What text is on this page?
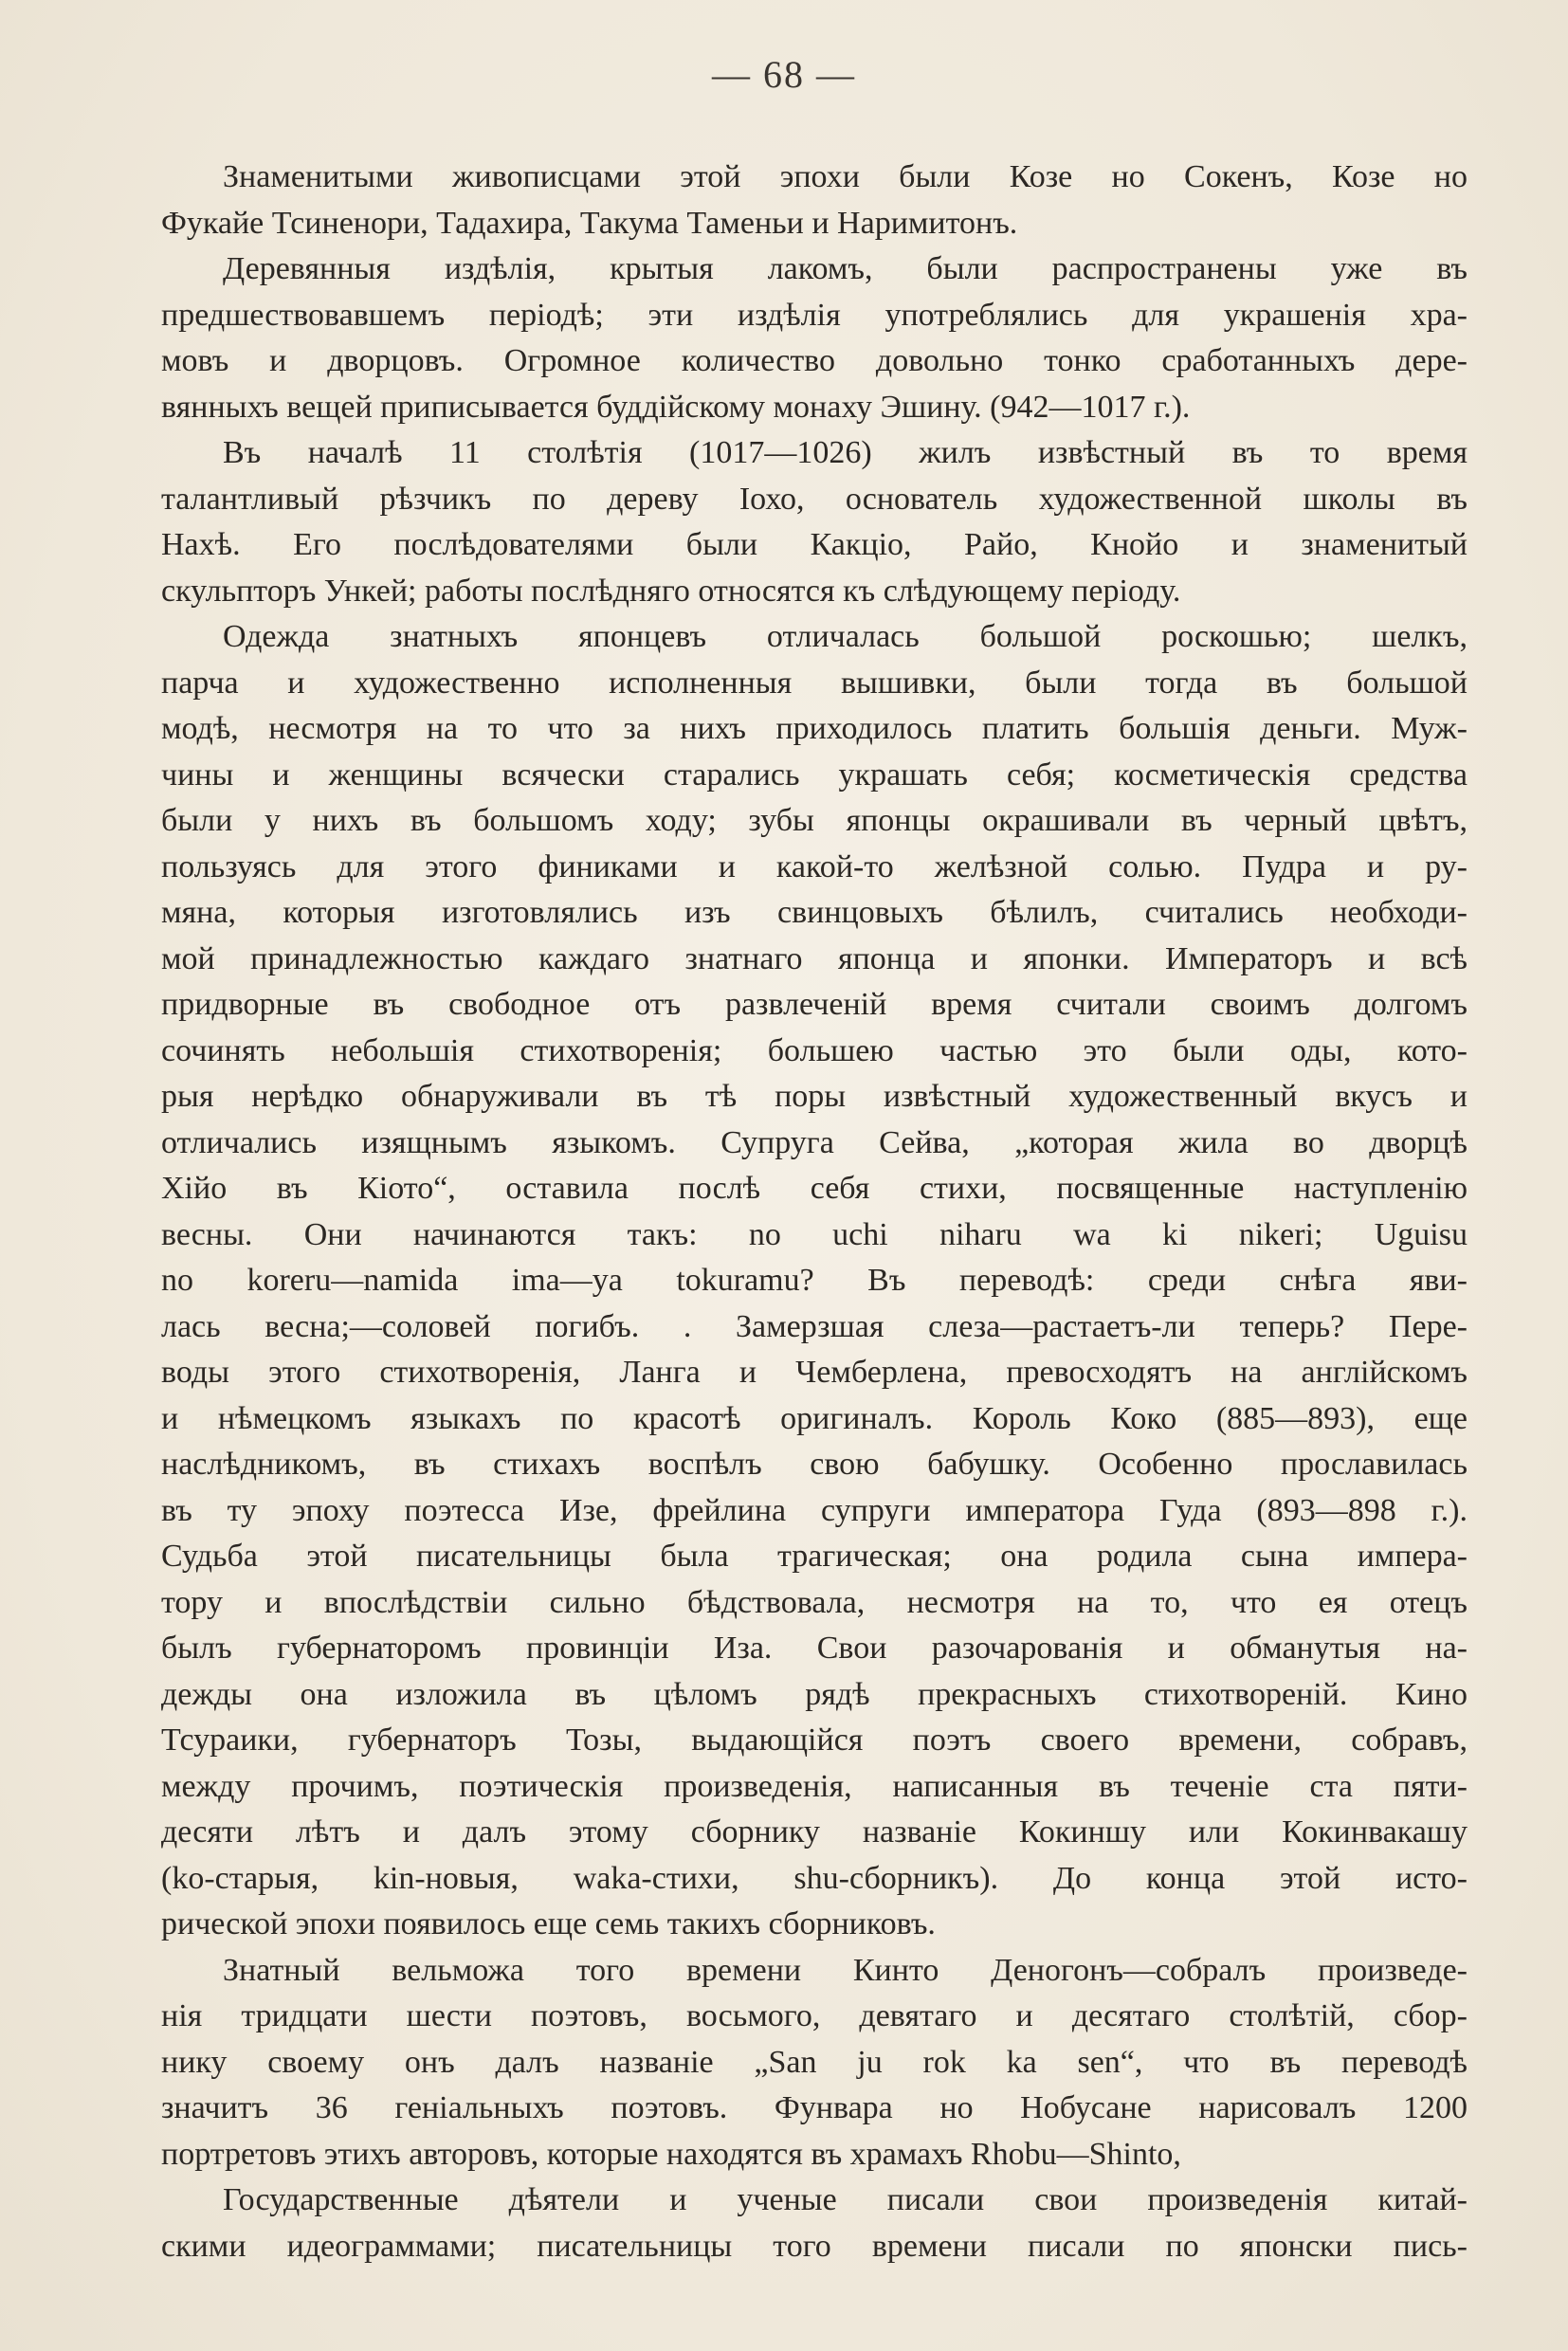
— 68 —
Знаменитыми живописцами этой эпохи были Козе но Сокенъ, Козе но
Фукайе Тсиненори, Тадахира, Такума Таменьи и Наримитонъ.
Деревянныя издѣлія, крытыя лакомъ, были распространены уже въ
предшествовавшемъ періодѣ; эти издѣлія употреблялись для украшенія хра-
мовъ и дворцовъ. Огромное количество довольно тонко сработанныхъ дере-
вянныхъ вещей приписывается буддійскому монаху Эшину. (942—1017 г.).
Въ началѣ 11 столѣтія (1017—1026) жилъ извѣстный въ то время
талантливый рѣзчикъ по дереву Іохо, основатель художественной школы въ
Нахѣ. Его послѣдователями были Какціо, Райо, Кнойо и знаменитый
скульпторъ Ункей; работы послѣдняго относятся къ слѣдующему періоду.
Одежда знатныхъ японцевъ отличалась большой роскошью; шелкъ,
парча и художественно исполненныя вышивки, были тогда въ большой
модѣ, несмотря на то что за нихъ приходилось платить большія деньги. Муж-
чины и женщины всячески старались украшать себя; косметическія средства
были у нихъ въ большомъ ходу; зубы японцы окрашивали въ черный цвѣтъ,
пользуясь для этого финиками и какой-то желѣзной солью. Пудра и ру-
мяна, которыя изготовлялись изъ свинцовыхъ бѣлилъ, считались необходи-
мой принадлежностью каждаго знатнаго японца и японки. Императоръ и всѣ
придворные въ свободное отъ развлеченій время считали своимъ долгомъ
сочинять небольшія стихотворенія; большею частью это были оды, кото-
рыя нерѣдко обнаруживали въ тѣ поры извѣстный художественный вкусъ и
отличались изящнымъ языкомъ. Супруга Сейва, „которая жила во дворцѣ
Хійо въ Кіото“, оставила послѣ себя стихи, посвященные наступленію
весны. Они начинаются такъ: no uchi nihаru wa ki nikeri; Uguisu
no koreru—namida ima—ya tokuramu? Въ переводѣ: среди снѣга яви-
лась весна;—соловей погибъ. . Замерзшая слеза—растаетъ-ли теперь? Пере-
воды этого стихотворенія, Ланга и Чемберлена, превосходятъ на англійскомъ
и нѣмецкомъ языкахъ по красотѣ оригиналъ. Король Коко (885—893), еще
наслѣдникомъ, въ стихахъ воспѣлъ свою бабушку. Особенно прославилась
въ ту эпоху поэтесса Изе, фрейлина супруги императора Гуда (893—898 г.).
Судьба этой писательницы была трагическая; она родила сына импера-
тору и впослѣдствіи сильно бѣдствовала, несмотря на то, что ея отецъ
былъ губернаторомъ провинціи Иза. Свои разочарованія и обманутыя на-
дежды она изложила въ цѣломъ рядѣ прекрасныхъ стихотвореній. Кино
Тсураики, губернаторъ Тозы, выдающійся поэтъ своего времени, собравъ,
между прочимъ, поэтическія произведенія, написанныя въ теченіе ста пяти-
десяти лѣтъ и далъ этому сборнику названіе Кокиншу или Кокинвакашу
(ko-старыя, kin-новыя, waka-стихи, shu-сборникъ). До конца этой исто-
рической эпохи появилось еще семь такихъ сборниковъ.
Знатный вельможа того времени Кинто Деногонъ—собралъ произведе-
нія тридцати шести поэтовъ, восьмого, девятаго и десятаго столѣтій, сбор-
нику своему онъ далъ названіе „San ju rok ka sen“, что въ переводѣ
значитъ 36 геніальныхъ поэтовъ. Фунвара но Нобусане нарисовалъ 1200
портретовъ этихъ авторовъ, которые находятся въ храмахъ Rhobu—Shinto,
Государственные дѣятели и ученые писали свои произведенія китай-
скими идеограммами; писательницы того времени писали по японски пись-
